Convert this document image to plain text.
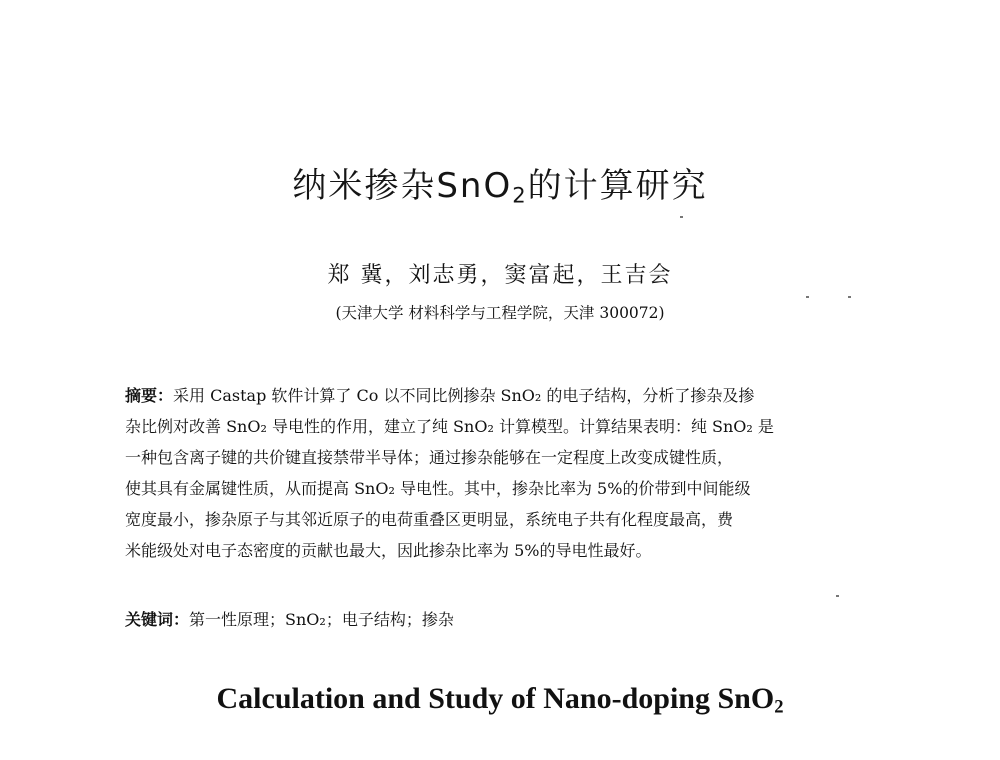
纳米掺杂SnO$_2$的计算研究
郑 冀，刘志勇，窦富起，王吉会
(天津大学 材料科学与工程学院，天津 300072)
摘要：采用 Castap 软件计算了 Co 以不同比例掺杂 SnO₂ 的电子结构，分析了掺杂及掺
杂比例对改善 SnO₂ 导电性的作用，建立了纯 SnO₂ 计算模型。计算结果表明：纯 SnO₂ 是
一种包含离子键的共价键直接禁带半导体；通过掺杂能够在一定程度上改变成键性质，
使其具有金属键性质，从而提高 SnO₂ 导电性。其中，掺杂比率为 5%的价带到中间能级
宽度最小，掺杂原子与其邻近原子的电荷重叠区更明显，系统电子共有化程度最高，费
米能级处对电子态密度的贡献也最大，因此掺杂比率为 5%的导电性最好。
关键词：第一性原理；SnO₂；电子结构；掺杂
Calculation and Study of Nano-doping SnO$_2$
